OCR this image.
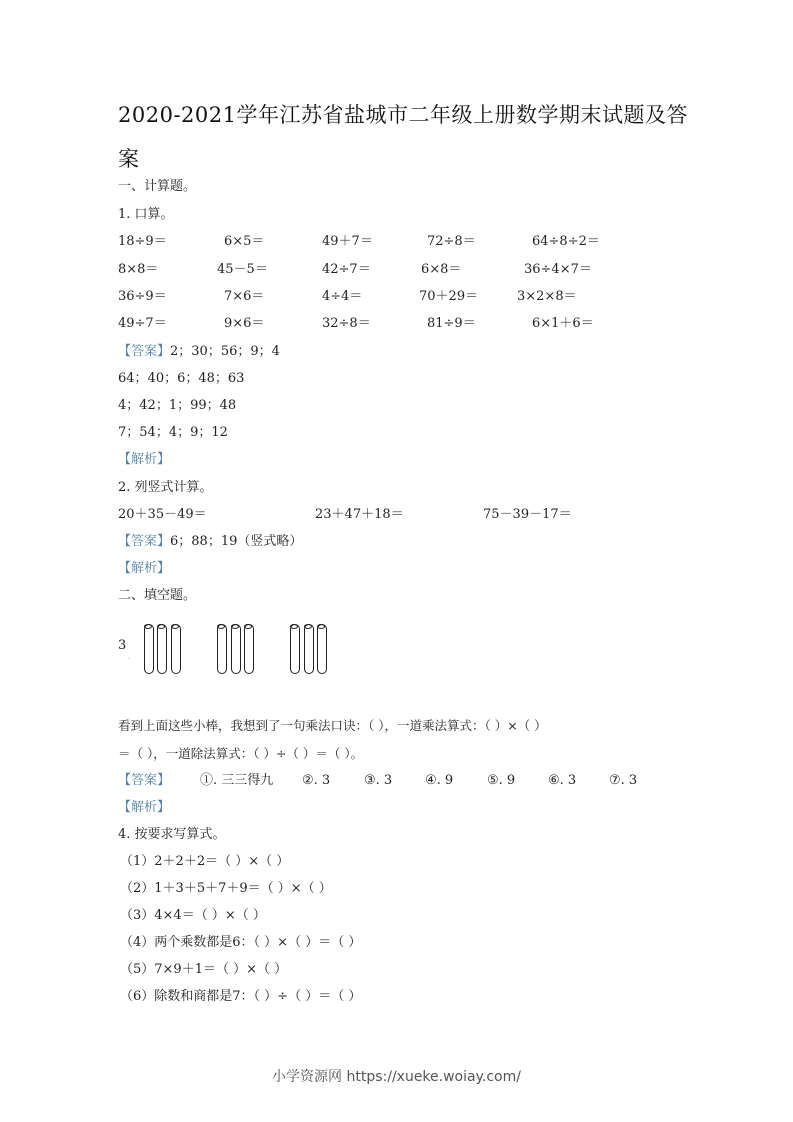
2020-2021学年江苏省盐城市二年级上册数学期末试题及答
案
一、计算题。
1. 口算。
18÷9＝	6×5＝	49＋7＝	72÷8＝	64÷8÷2＝
8×8＝	45－5＝	42÷7＝	6×8＝	36÷4×7＝
36÷9＝	7×6＝	4÷4＝	70＋29＝	3×2×8＝
49÷7＝	9×6＝	32÷8＝	81÷9＝	6×1＋6＝
【答案】2；30；56；9；4
64；40；6；48；63
4；42；1；99；48
7；54；4；9；12
【解析】
2. 列竖式计算。
20＋35－49＝	23＋47＋18＝	75－39－17＝
【答案】6；88；19（竖式略）
【解析】
二、填空题。
3
.
看到上面这些小棒，我想到了一句乘法口诀：（ ），一道乘法算式：（ ）×（ ）
＝（ ），一道除法算式：（ ）÷（ ）＝（ ）。
【答案】 ①. 三三得九 ②. 3	③. 3	④. 9	⑤. 9	⑥. 3	⑦. 3
【解析】
4. 按要求写算式。
（1）2＋2＋2＝（ ）×（ ）
（2）1＋3＋5＋7＋9＝（ ）×（ ）
（3）4×4＝（ ）×（ ）
（4）两个乘数都是6：（ ）×（ ）＝（ ）
（5）7×9＋1＝（ ）×（ ）
（6）除数和商都是7：（ ）÷（ ）＝（ ）
小学资源网 https://xueke.woiay.com/
